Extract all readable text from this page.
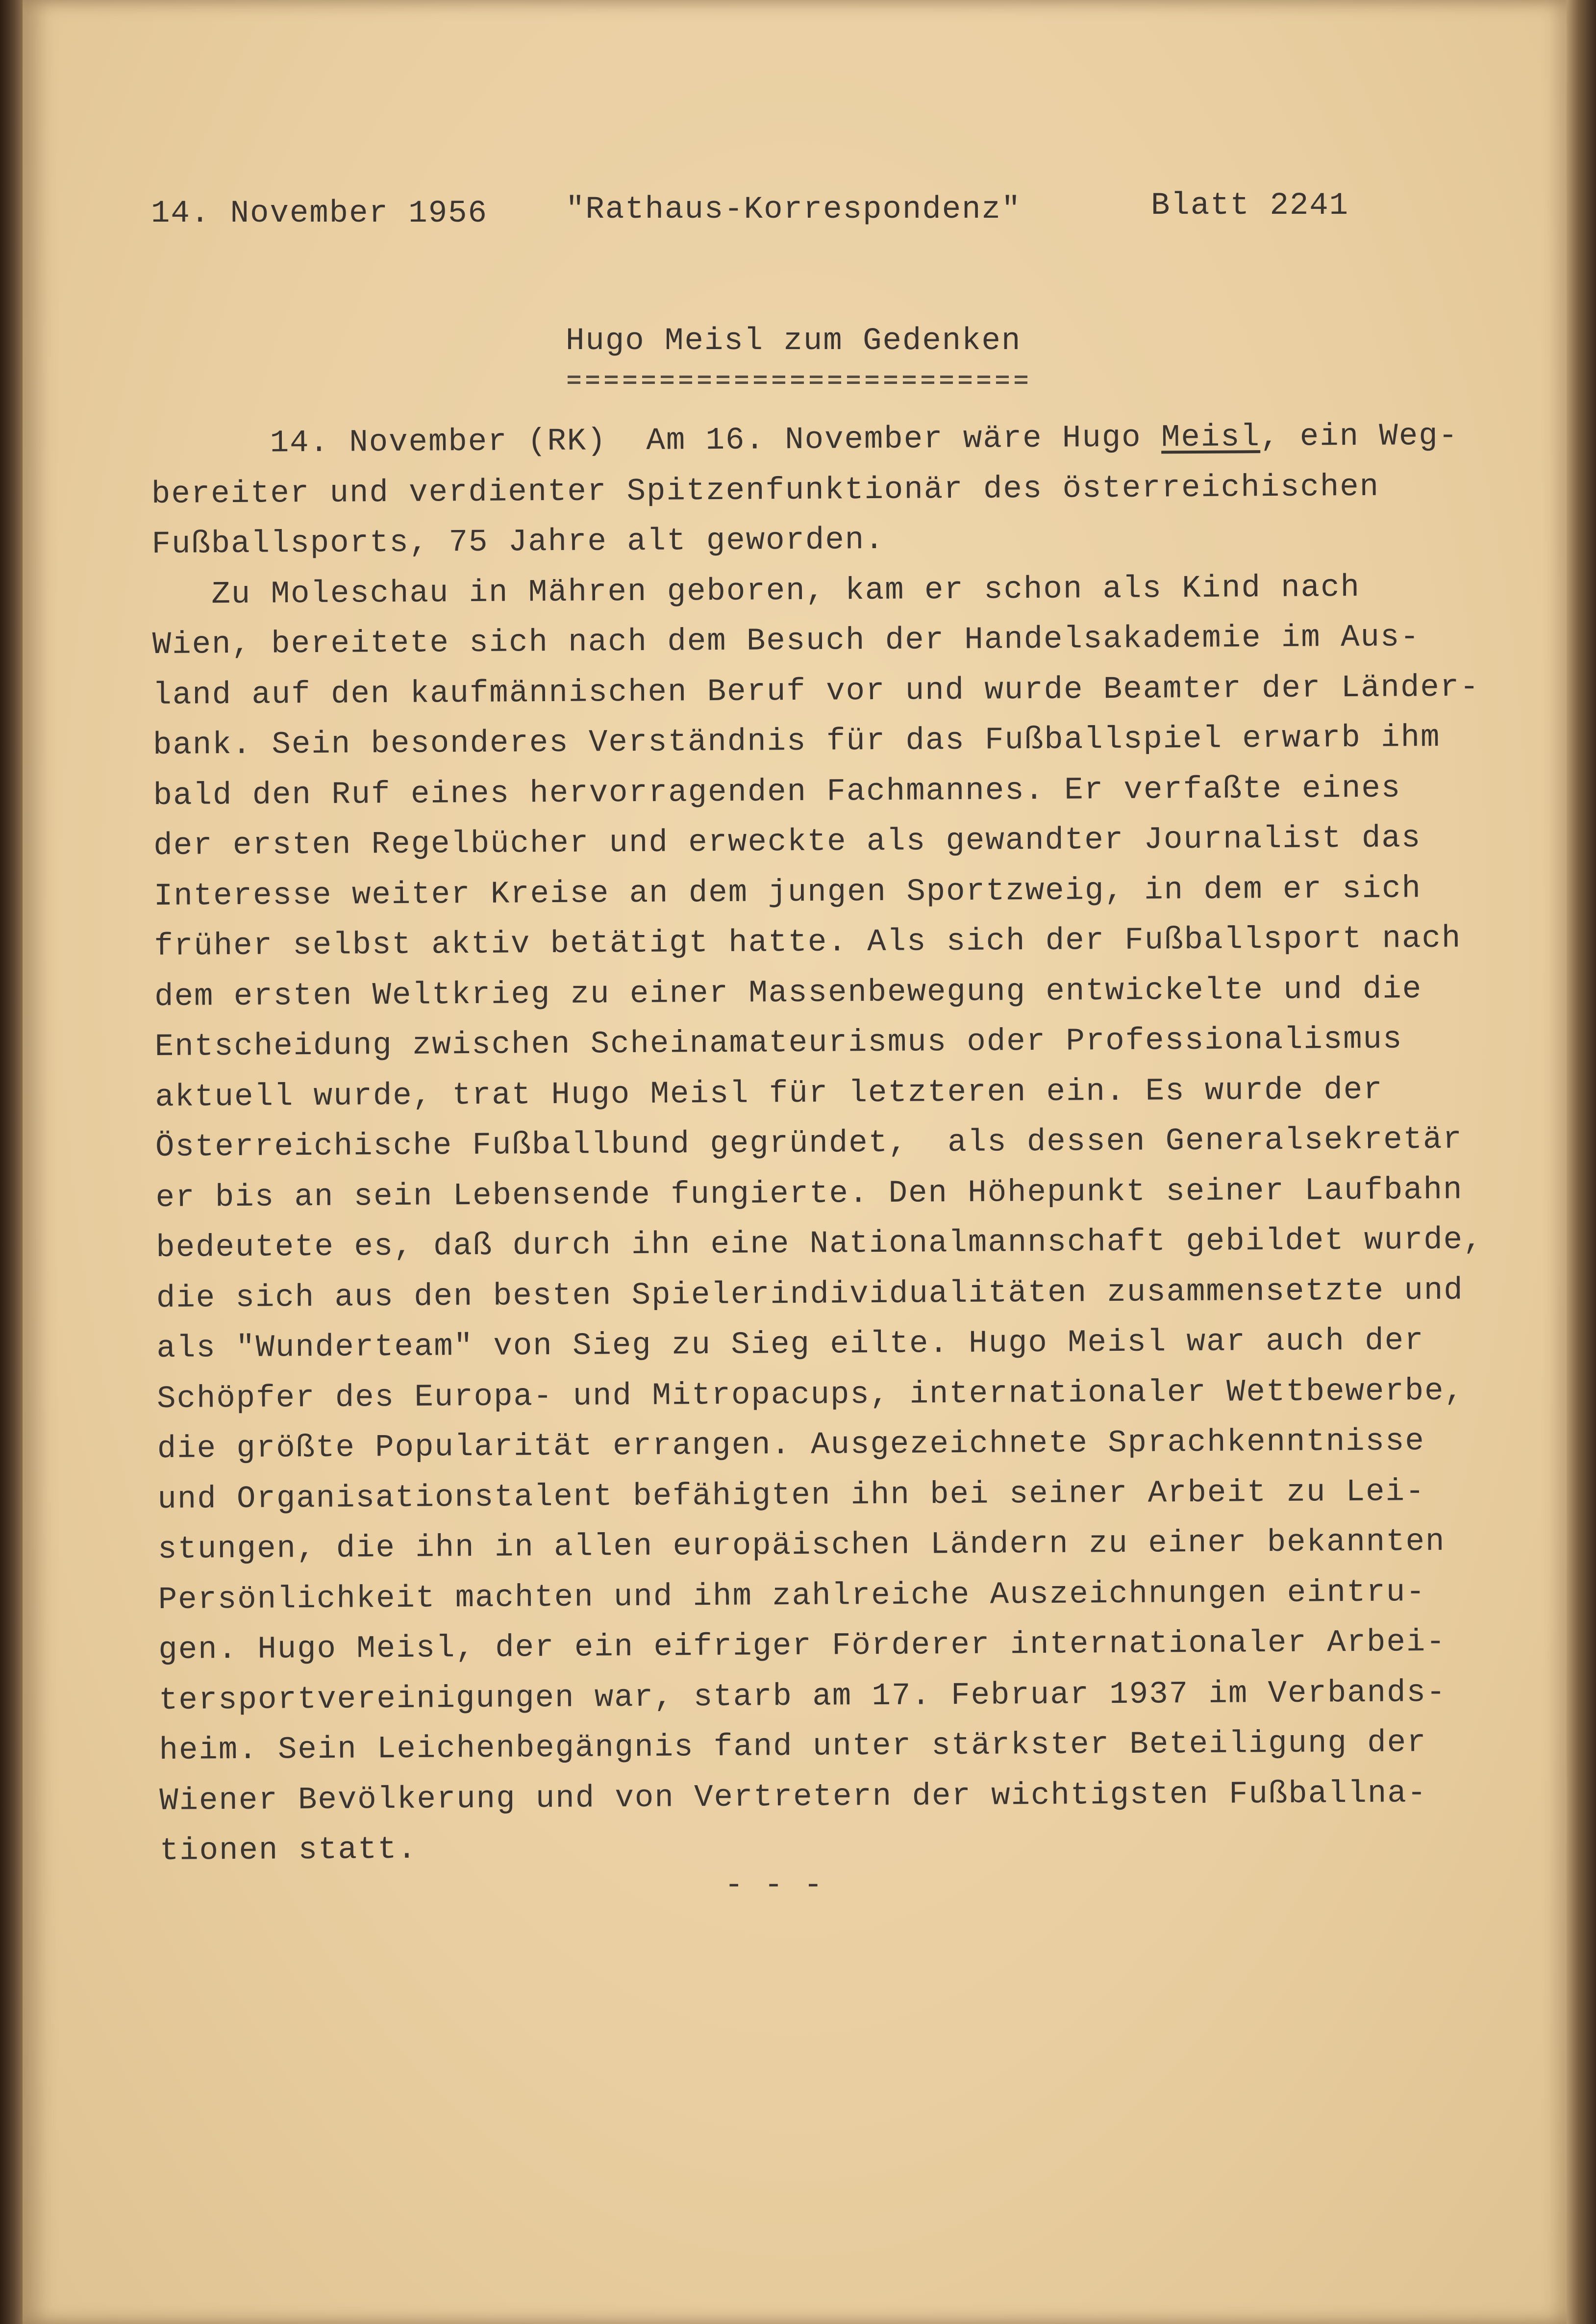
14. November 1956 "Rathaus-Korrespondenz"	Blatt 2241
Hugo Meisl zum Gedenken
14. November (RK)  Am 16. November wäre Hugo Meisl, ein Weg-
bereiter und verdienter Spitzenfunktionär des österreichischen
Fußballsports, 75 Jahre alt geworden.
Zu Moleschau in Mähren geboren, kam er schon als Kind nach
Wien, bereitete sich nach dem Besuch der Handelsakademie im Aus-
land auf den kaufmännischen Beruf vor und wurde Beamter der Länder-
bank. Sein besonderes Verständnis für das Fußballspiel erwarb ihm
bald den Ruf eines hervorragenden Fachmannes. Er verfaßte eines
der ersten Regelbücher und erweckte als gewandter Journalist das
Interesse weiter Kreise an dem jungen Sportzweig, in dem er sich
früher selbst aktiv betätigt hatte. Als sich der Fußballsport nach
dem ersten Weltkrieg zu einer Massenbewegung entwickelte und die
Entscheidung zwischen Scheinamateurismus oder Professionalismus
aktuell wurde, trat Hugo Meisl für letzteren ein. Es wurde der
Österreichische Fußballbund gegründet,  als dessen Generalsekretär
er bis an sein Lebensende fungierte. Den Höhepunkt seiner Laufbahn
bedeutete es, daß durch ihn eine Nationalmannschaft gebildet wurde,
die sich aus den besten Spielerindividualitäten zusammensetzte und
als "Wunderteam" von Sieg zu Sieg eilte. Hugo Meisl war auch der
Schöpfer des Europa- und Mitropacups, internationaler Wettbewerbe,
die größte Popularität errangen. Ausgezeichnete Sprachkenntnisse
und Organisationstalent befähigten ihn bei seiner Arbeit zu Lei-
stungen, die ihn in allen europäischen Ländern zu einer bekannten
Persönlichkeit machten und ihm zahlreiche Auszeichnungen eintru-
gen. Hugo Meisl, der ein eifriger Förderer internationaler Arbei-
tersportvereinigungen war, starb am 17. Februar 1937 im Verbands-
heim. Sein Leichenbegängnis fand unter stärkster Beteiligung der
Wiener Bevölkerung und von Vertretern der wichtigsten Fußballna-
tionen statt.
- - -
